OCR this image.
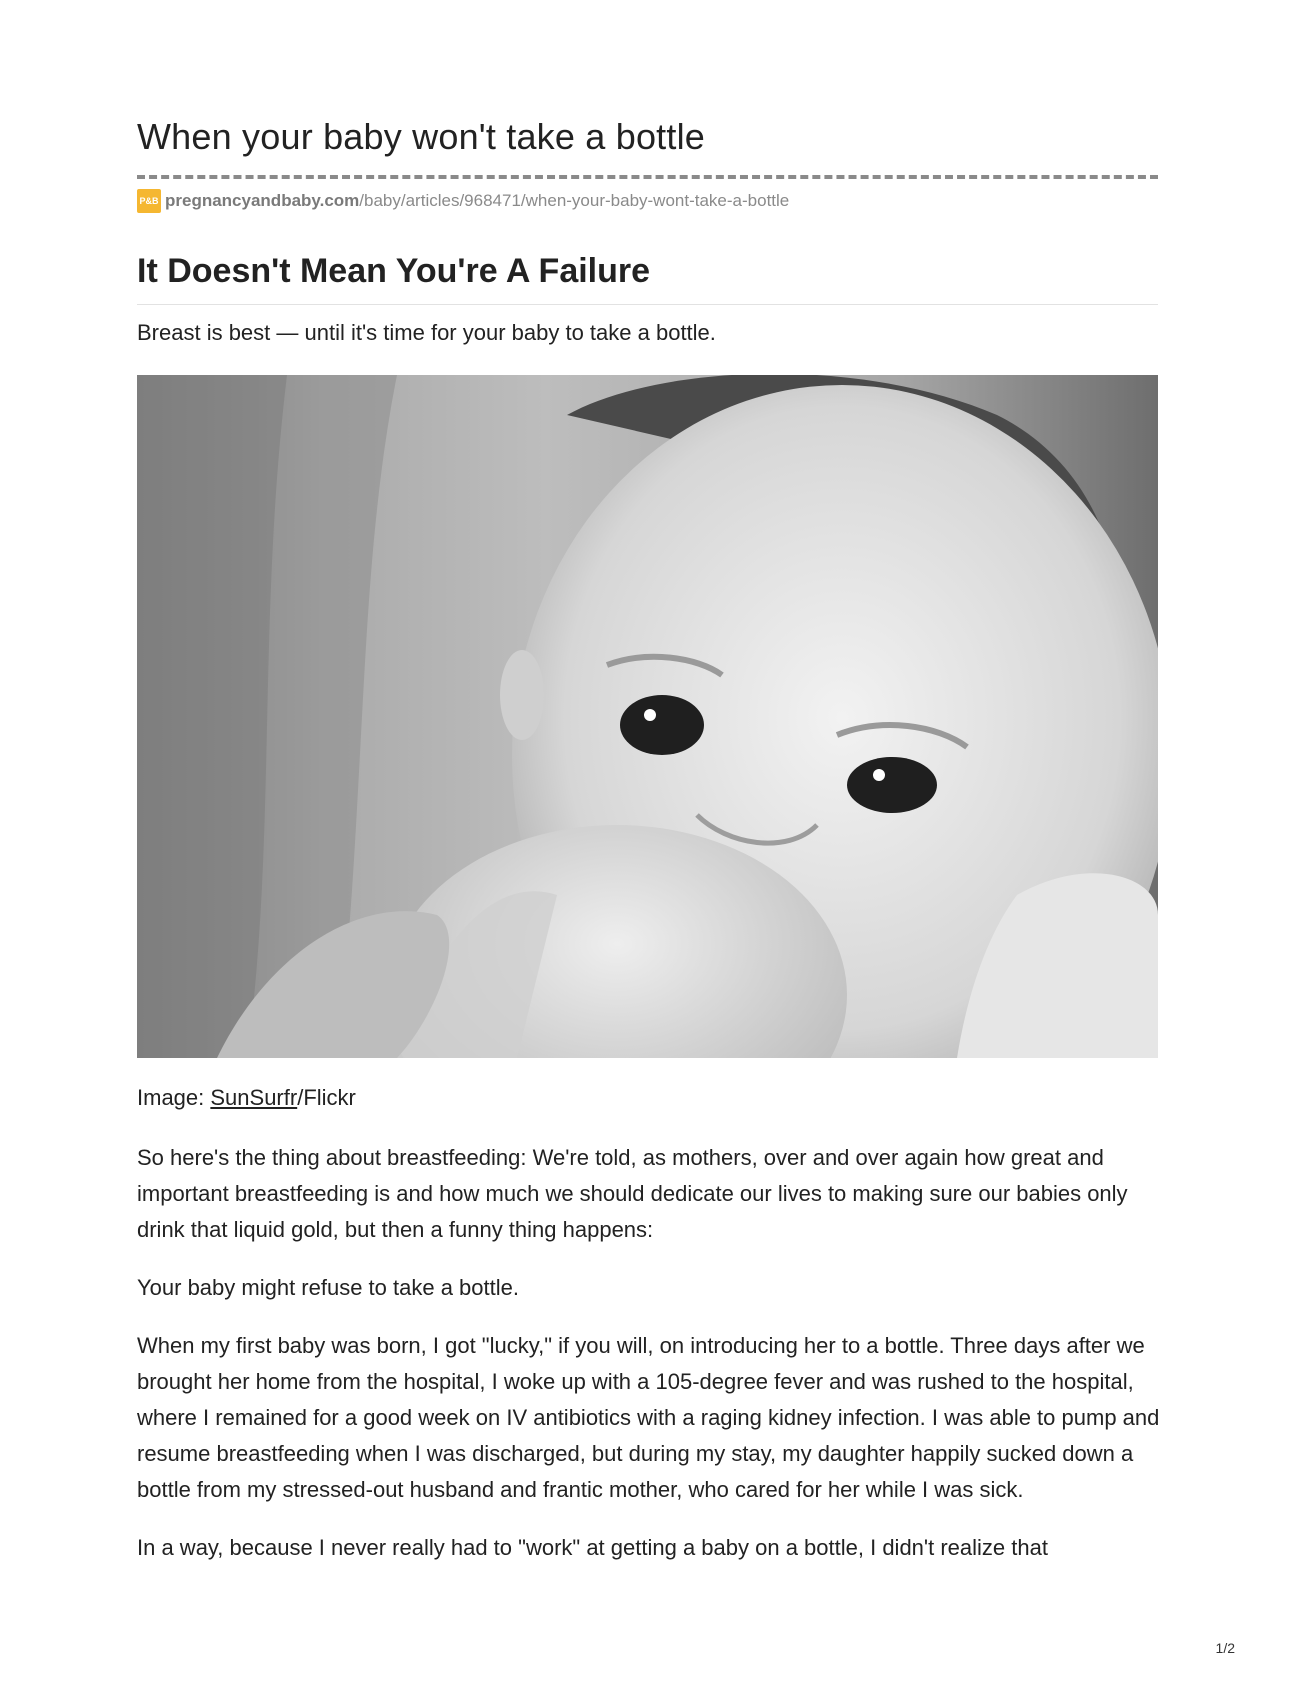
When your baby won't take a bottle
P&B pregnancyandbaby.com /baby/articles/968471/when-your-baby-wont-take-a-bottle
It Doesn't Mean You're A Failure

Breast is best — until it's time for your baby to take a bottle.

Image: SunSurfr/Flickr

So here's the thing about breastfeeding: We're told, as mothers, over and over again how great and important breastfeeding is and how much we should dedicate our lives to making sure our babies only drink that liquid gold, but then a funny thing happens:

Your baby might refuse to take a bottle.

When my first baby was born, I got "lucky," if you will, on introducing her to a bottle. Three days after we brought her home from the hospital, I woke up with a 105-degree fever and was rushed to the hospital, where I remained for a good week on IV antibiotics with a raging kidney infection. I was able to pump and resume breastfeeding when I was discharged, but during my stay, my daughter happily sucked down a bottle from my stressed-out husband and frantic mother, who cared for her while I was sick.

In a way, because I never really had to "work" at getting a baby on a bottle, I didn't realize that

1/2
